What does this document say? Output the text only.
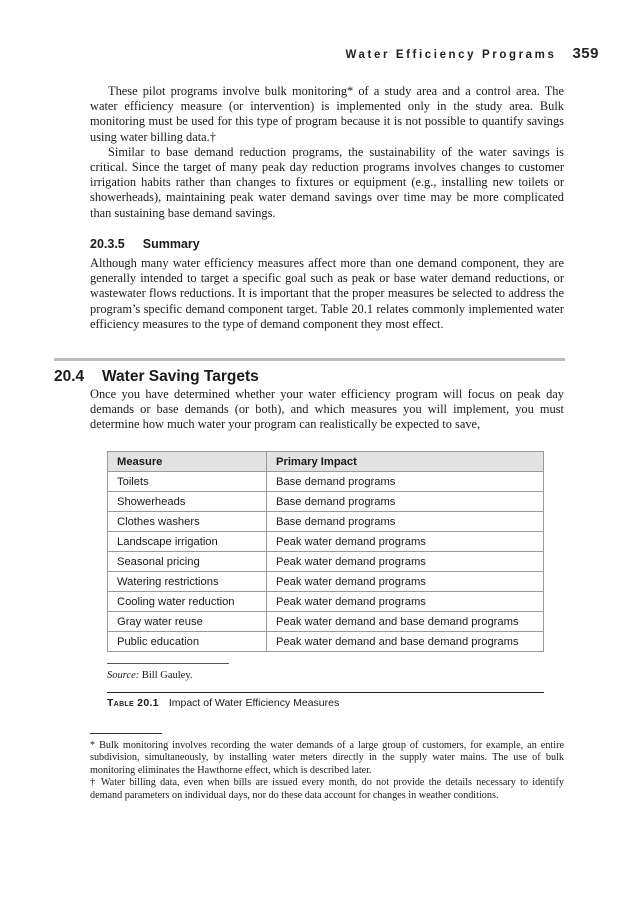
Water Efficiency Programs 359

These pilot programs involve bulk monitoring* of a study area and a control area. The water efficiency measure (or intervention) is implemented only in the study area. Bulk monitoring must be used for this type of program because it is not possible to quantify savings using water billing data.†

Similar to base demand reduction programs, the sustainability of the water savings is critical. Since the target of many peak day reduction programs involves changes to customer irrigation habits rather than changes to fixtures or equipment (e.g., installing new toilets or showerheads), maintaining peak water demand savings over time may be more complicated than sustaining base demand savings.

20.3.5 Summary

Although many water efficiency measures affect more than one demand component, they are generally intended to target a specific goal such as peak or base water demand reductions, or wastewater flows reductions. It is important that the proper measures be selected to address the program’s specific demand component target. Table 20.1 relates commonly implemented water efficiency measures to the type of demand component they most effect.

20.4 Water Saving Targets

Once you have determined whether your water efficiency program will focus on peak day demands or base demands (or both), and which measures you will implement, you must determine how much water your program can realistically be expected to save,

Measure	Primary Impact
Toilets	Base demand programs
Showerheads	Base demand programs
Clothes washers	Base demand programs
Landscape irrigation	Peak water demand programs
Seasonal pricing	Peak water demand programs
Watering restrictions	Peak water demand programs
Cooling water reduction	Peak water demand programs
Gray water reuse	Peak water demand and base demand programs
Public education	Peak water demand and base demand programs
Source: Bill Gauley.
Table 20.1 Impact of Water Efficiency Measures

* Bulk monitoring involves recording the water demands of a large group of customers, for example, an entire subdivision, simultaneously, by installing water meters directly in the supply water mains. The use of bulk monitoring eliminates the Hawthorne effect, which is described later.

† Water billing data, even when bills are issued every month, do not provide the details necessary to identify demand parameters on individual days, nor do these data account for changes in weather conditions.
